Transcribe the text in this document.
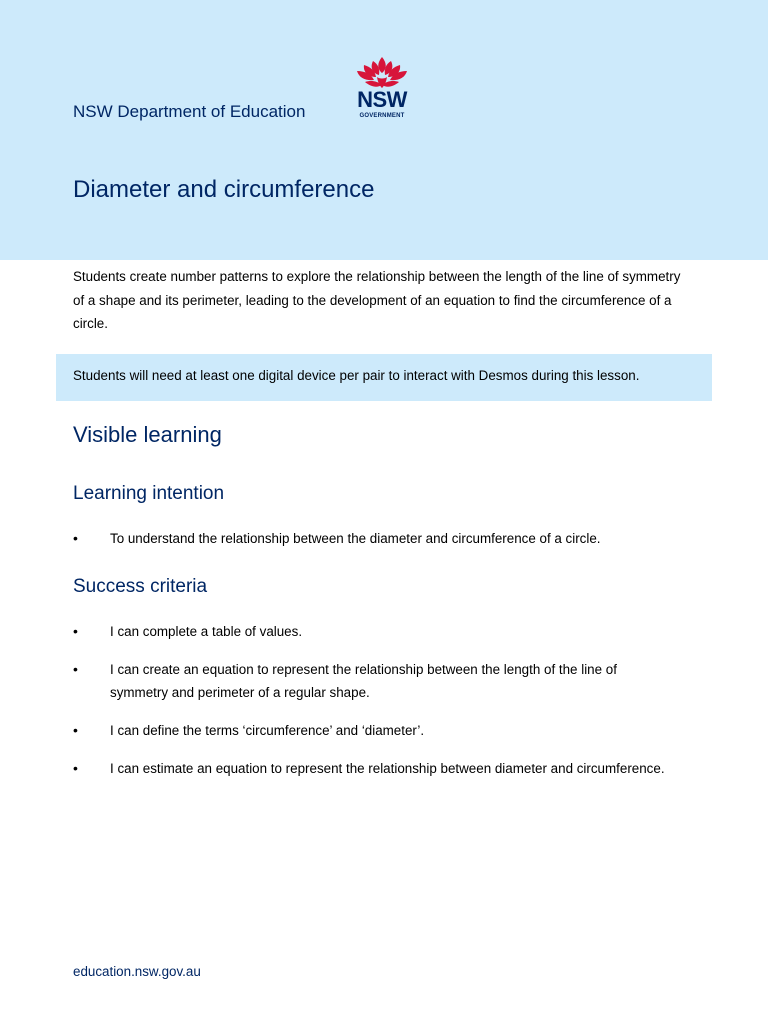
NSW Department of Education	NSW
GOVERNMENT
Diameter and circumference

Students create number patterns to explore the relationship between the length of the line of symmetry of a shape and its perimeter, leading to the development of an equation to find the circumference of a circle.

Students will need at least one digital device per pair to interact with Desmos during this lesson.

Visible learning
Learning intention
• To understand the relationship between the diameter and circumference of a circle.
Success criteria
• I can complete a table of values.
• I can create an equation to represent the relationship between the length of the line of symmetry and perimeter of a regular shape.
• I can define the terms ‘circumference’ and ‘diameter’.
• I can estimate an equation to represent the relationship between diameter and circumference.
education.nsw.gov.au
